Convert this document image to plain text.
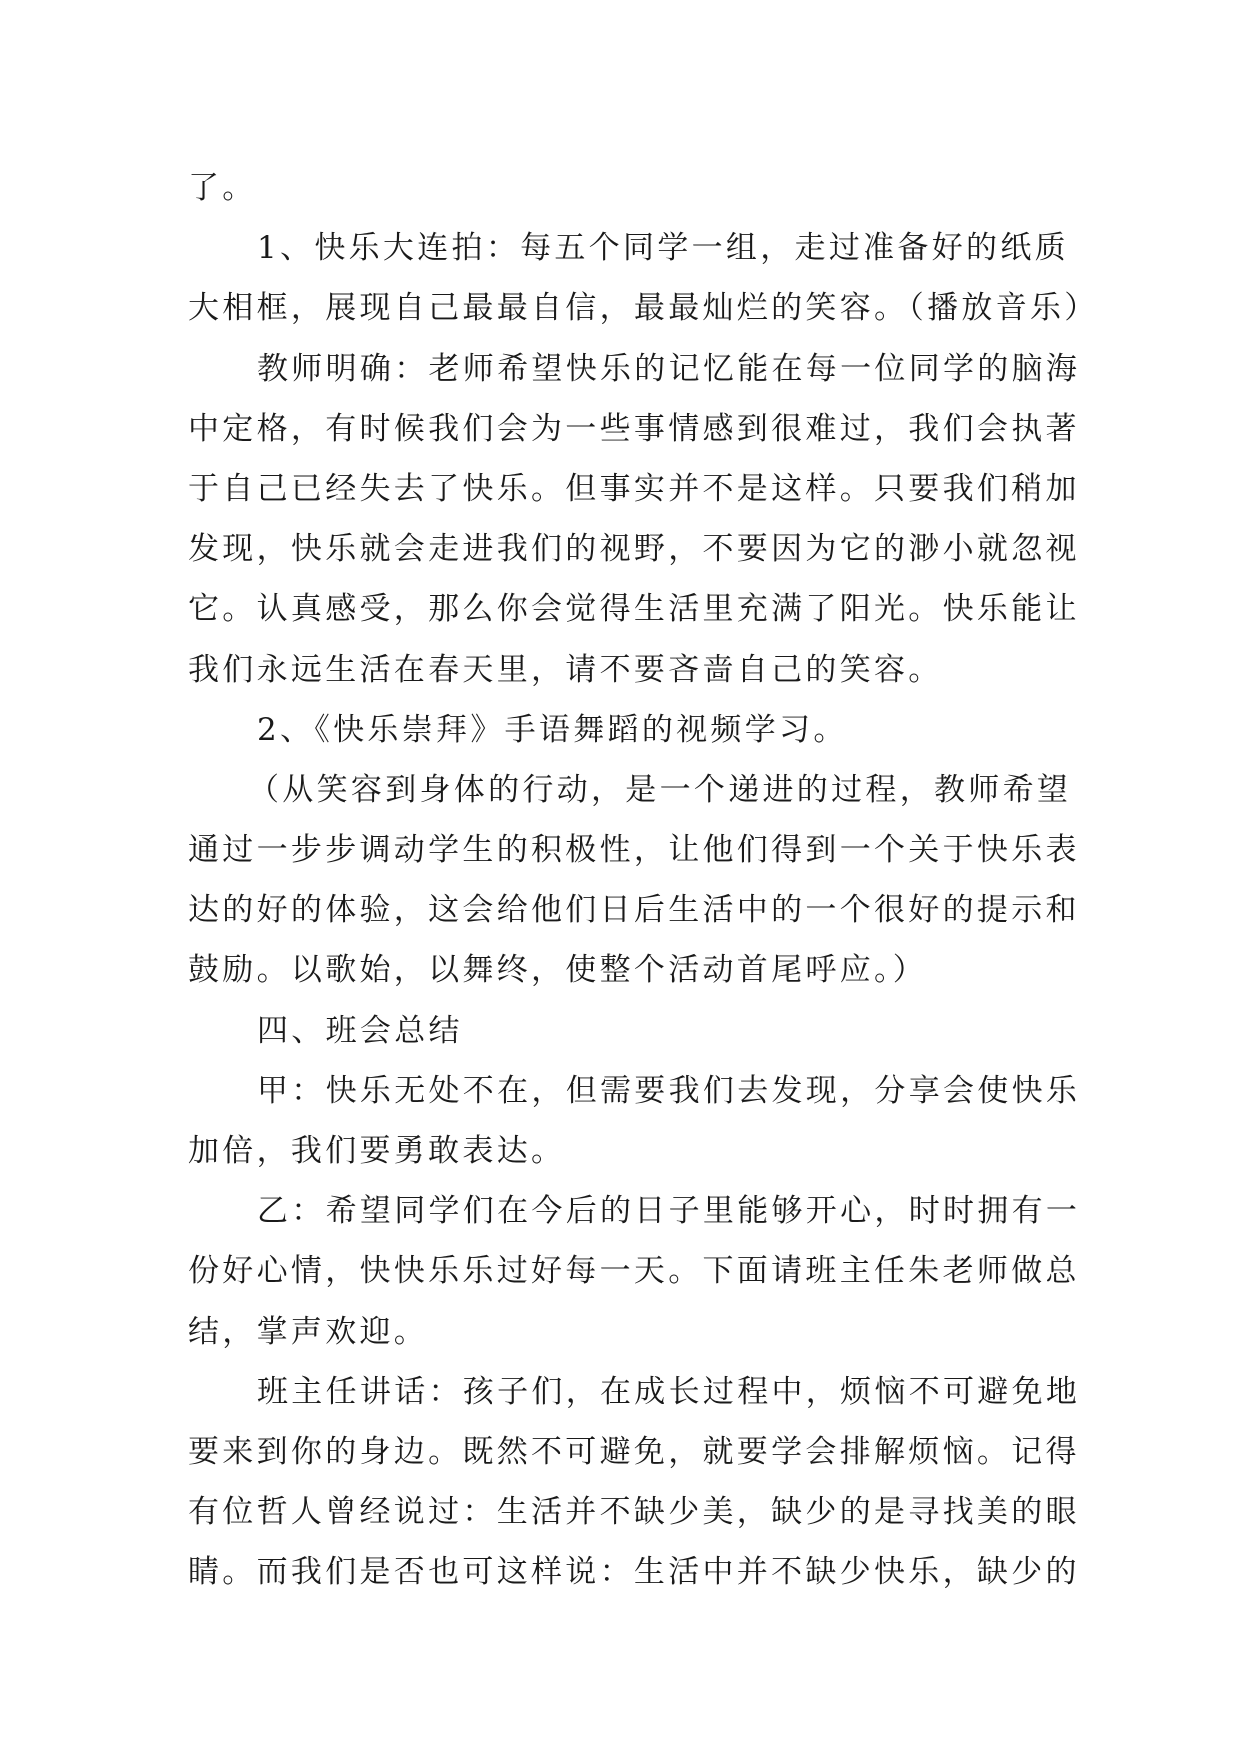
了。
1、快乐大连拍：每五个同学一组，走过准备好的纸质
大相框，展现自己最最自信，最最灿烂的笑容。（播放音乐）
教师明确：老师希望快乐的记忆能在每一位同学的脑海
中定格，有时候我们会为一些事情感到很难过，我们会执著
于自己已经失去了快乐。但事实并不是这样。只要我们稍加
发现，快乐就会走进我们的视野，不要因为它的渺小就忽视
它。认真感受，那么你会觉得生活里充满了阳光。快乐能让
我们永远生活在春天里，请不要吝啬自己的笑容。
2、《快乐崇拜》手语舞蹈的视频学习。
（从笑容到身体的行动，是一个递进的过程，教师希望
通过一步步调动学生的积极性，让他们得到一个关于快乐表
达的好的体验，这会给他们日后生活中的一个很好的提示和
鼓励。以歌始，以舞终，使整个活动首尾呼应。）
四、班会总结
甲：快乐无处不在，但需要我们去发现，分享会使快乐
加倍，我们要勇敢表达。
乙：希望同学们在今后的日子里能够开心，时时拥有一
份好心情，快快乐乐过好每一天。下面请班主任朱老师做总
结，掌声欢迎。
班主任讲话：孩子们，在成长过程中，烦恼不可避免地
要来到你的身边。既然不可避免，就要学会排解烦恼。记得
有位哲人曾经说过：生活并不缺少美，缺少的是寻找美的眼
睛。而我们是否也可这样说：生活中并不缺少快乐，缺少的
